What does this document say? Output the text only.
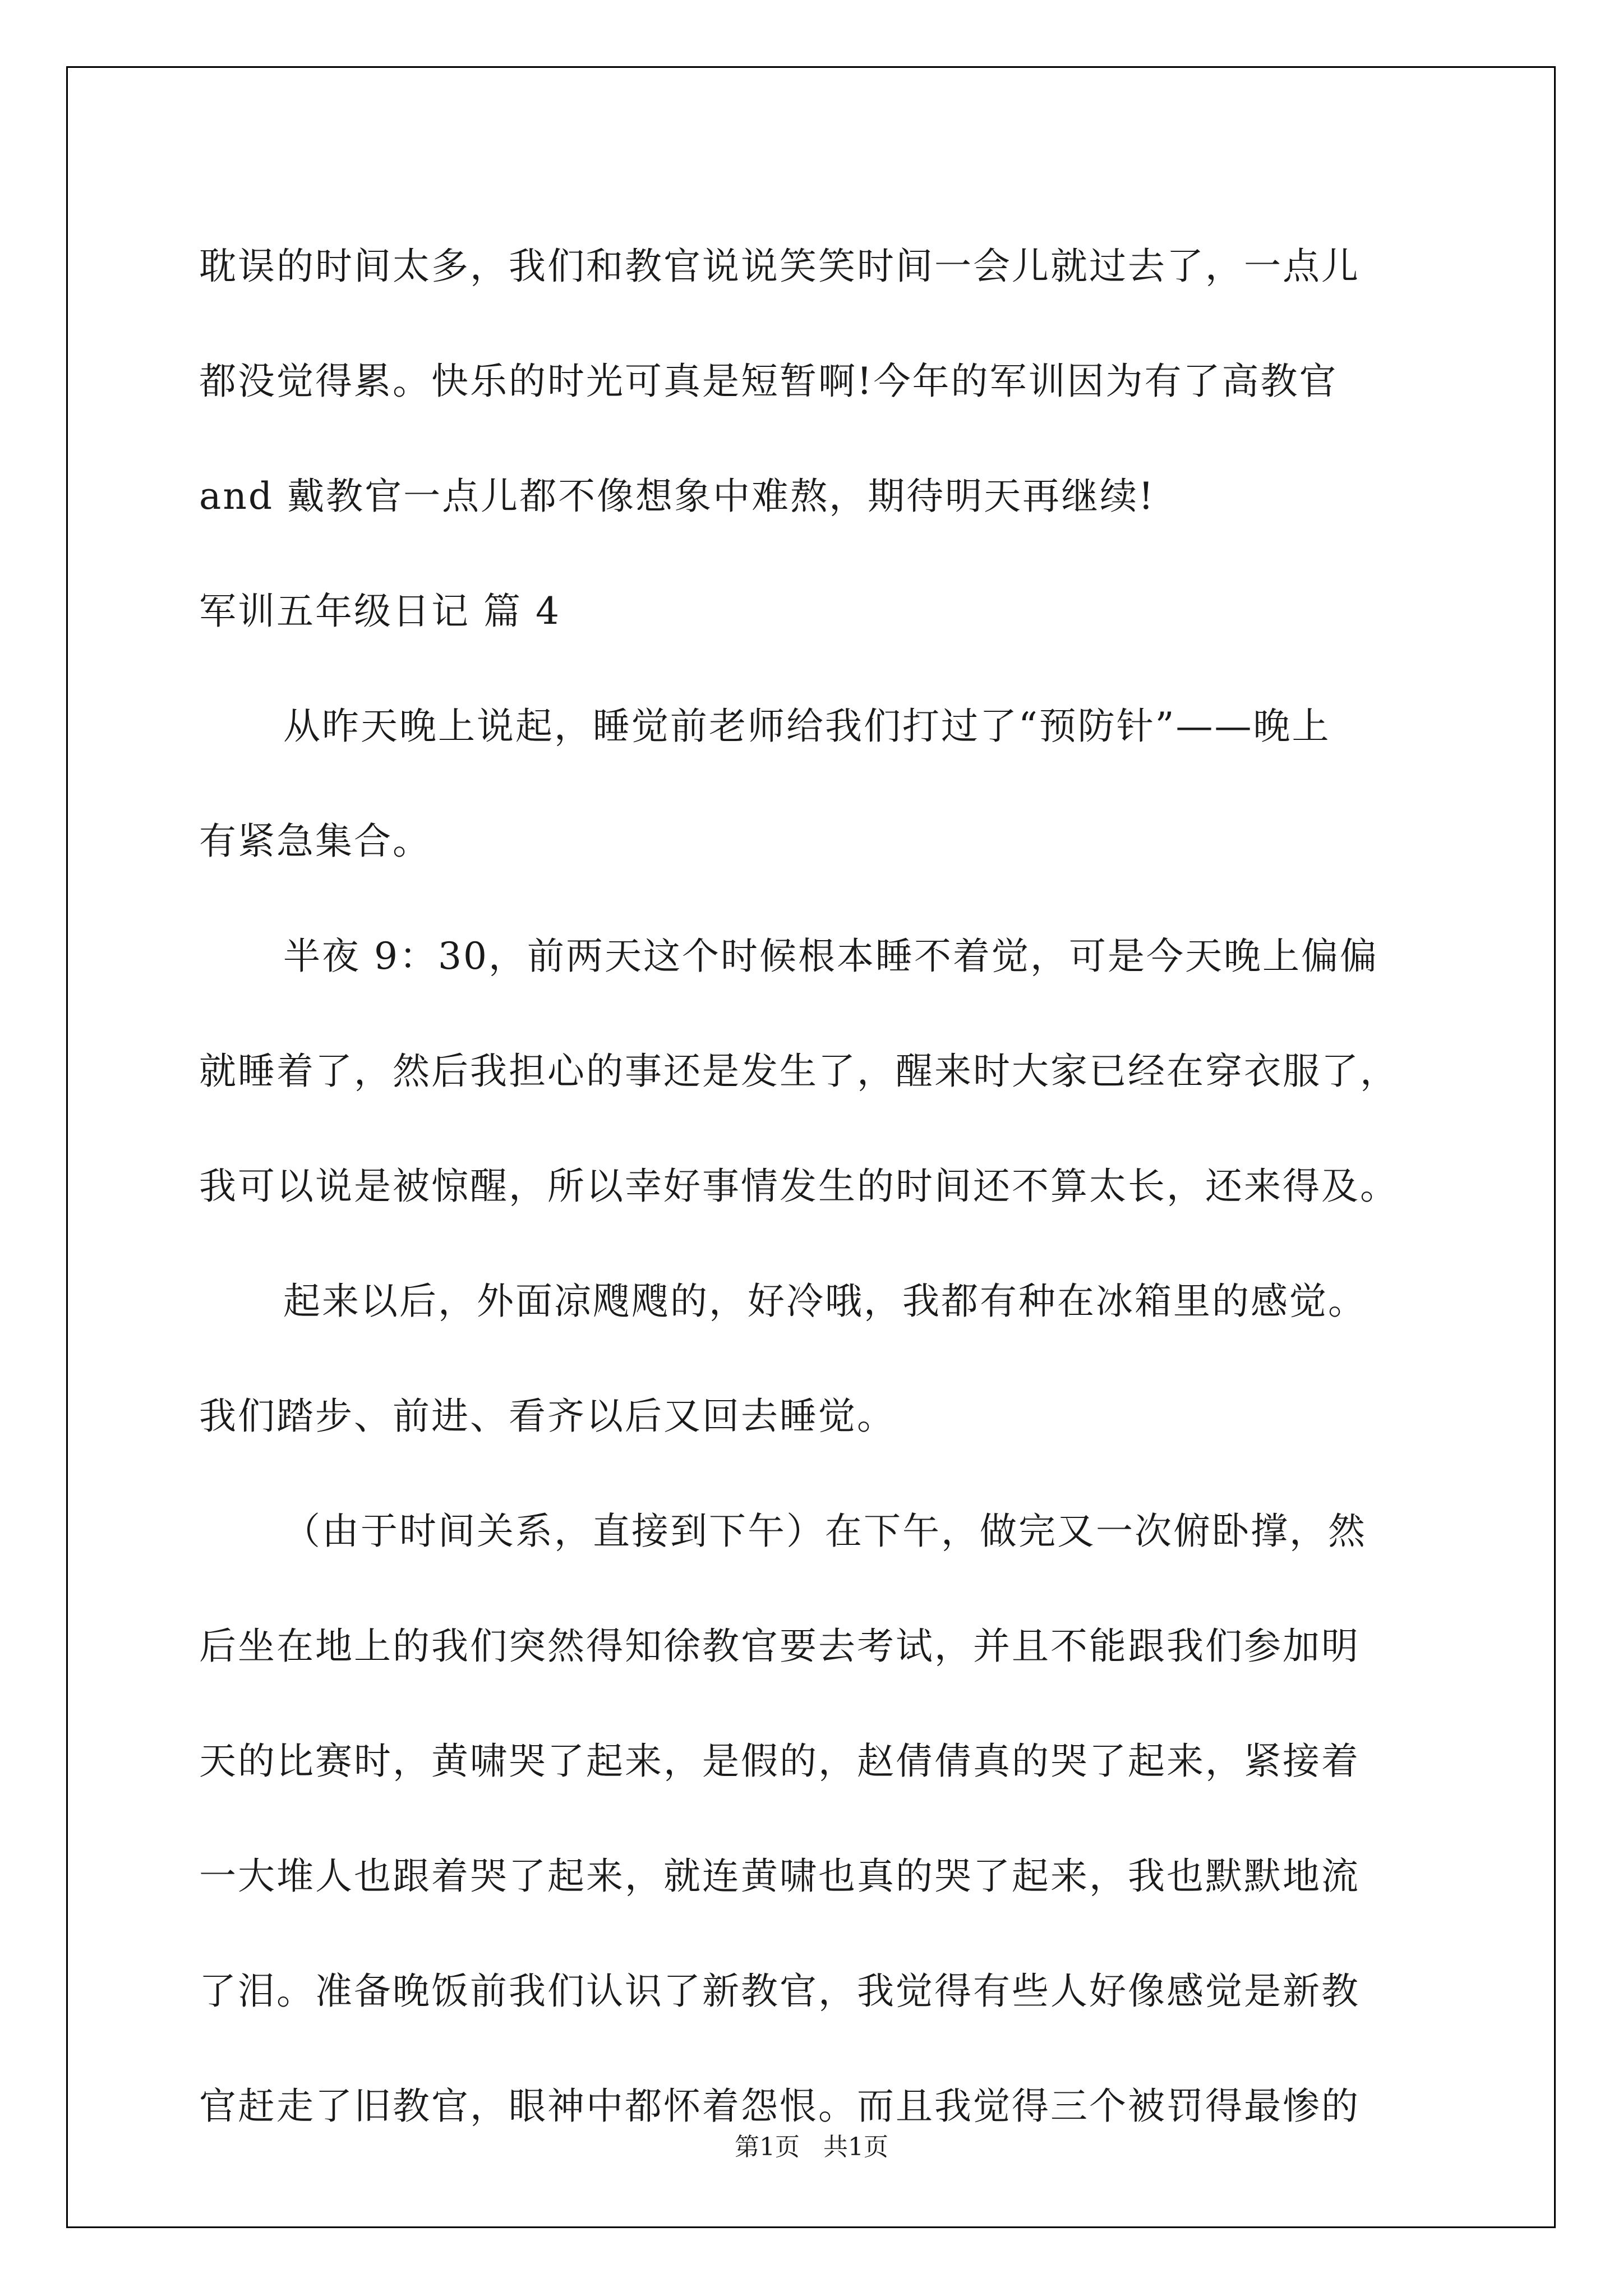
耽误的时间太多，我们和教官说说笑笑时间一会儿就过去了，一点儿
都没觉得累。快乐的时光可真是短暂啊!今年的军训因为有了高教官
and 戴教官一点儿都不像想象中难熬，期待明天再继续!
军训五年级日记 篇 4
从昨天晚上说起，睡觉前老师给我们打过了“预防针”——晚上
有紧急集合。
半夜 9：30，前两天这个时候根本睡不着觉，可是今天晚上偏偏
就睡着了，然后我担心的事还是发生了，醒来时大家已经在穿衣服了，
我可以说是被惊醒，所以幸好事情发生的时间还不算太长，还来得及。
起来以后，外面凉飕飕的，好冷哦，我都有种在冰箱里的感觉。
我们踏步、前进、看齐以后又回去睡觉。
（由于时间关系，直接到下午）在下午，做完又一次俯卧撑，然
后坐在地上的我们突然得知徐教官要去考试，并且不能跟我们参加明
天的比赛时，黄啸哭了起来，是假的，赵倩倩真的哭了起来，紧接着
一大堆人也跟着哭了起来，就连黄啸也真的哭了起来，我也默默地流
了泪。准备晚饭前我们认识了新教官，我觉得有些人好像感觉是新教
官赶走了旧教官，眼神中都怀着怨恨。而且我觉得三个被罚得最惨的
第1页   共1页
